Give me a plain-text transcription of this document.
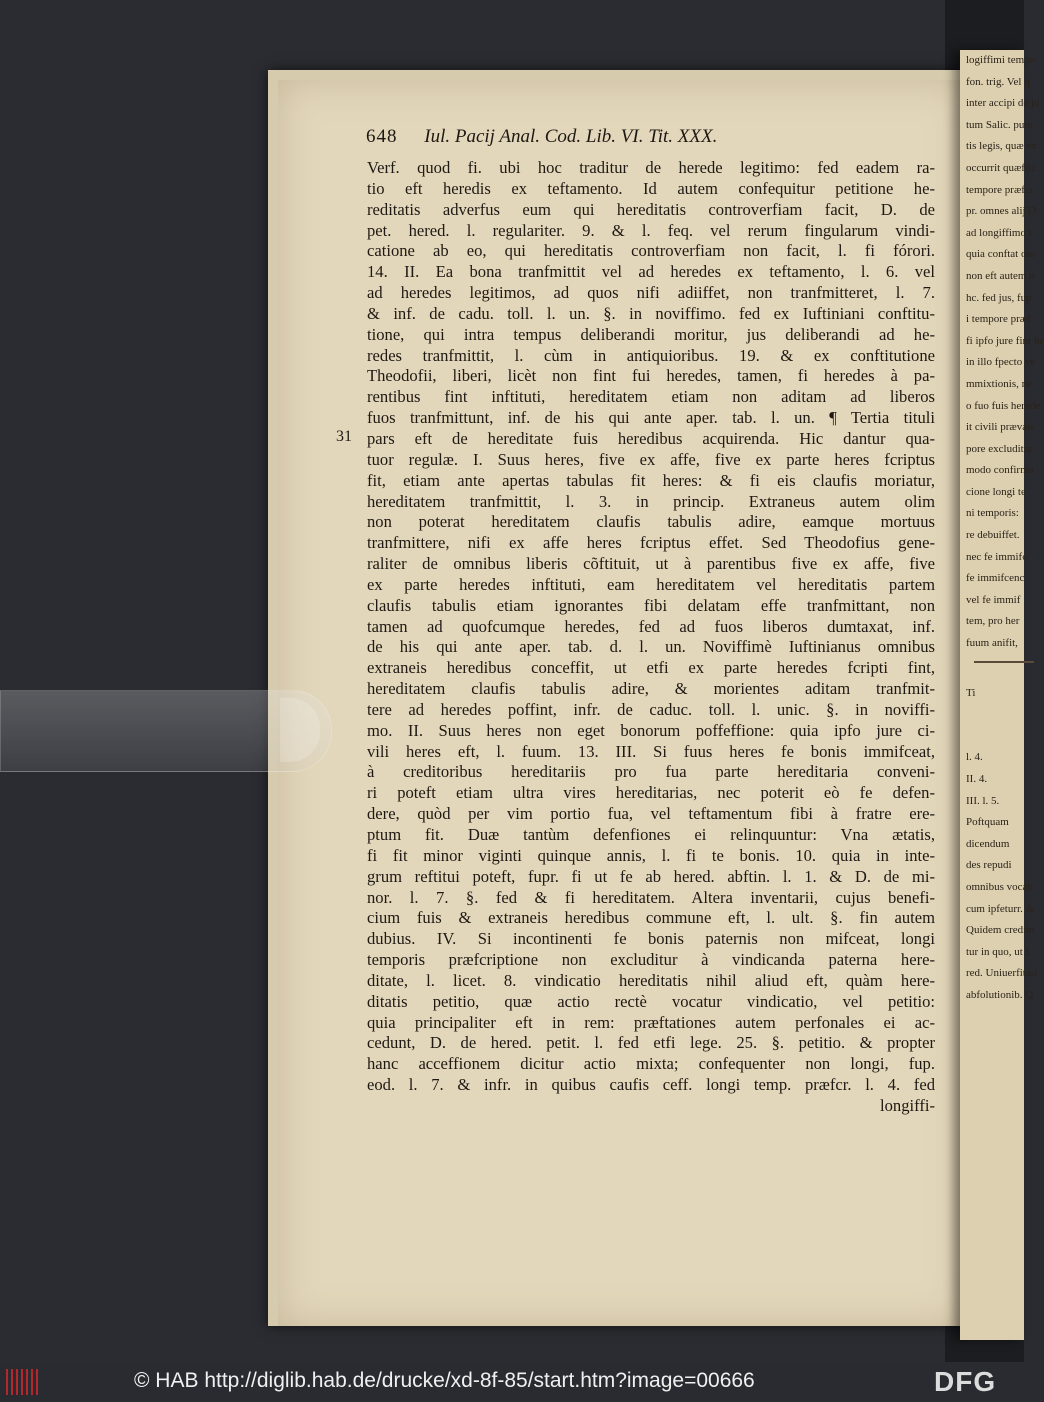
logiffimi tempo
fon. trig. Vel q
inter accipi de ju
tum Salic. puto
tis legis, quæ ex
occurrit quæftic
tempore præfcr
pr. omnes alij D
ad longiffimo t
quia conftat om
non eft autem n
hc. fed jus, fup
i tempore præf
fi ipfo jure fint he
in illo fpecto ve
mmixtionis, ne
o fuo fuis herede
it civili prævale
pore excluditur
modo confirma
cione longi te
ni temporis:
re debuiffet.
nec fe immifc
fe immifcenc
vel fe immif
tem, pro her
fuum anifit,
Ti

l. 4.
II. 4.
III. l. 5.
Poftquam
dicendum
des repudi
omnibus vocab
cum ipfeturr. &
Quidem credim
tur in quo, ut l.
red. Uniuerfitari
abfolutionib. Q
648 Iul. Pacij Anal. Cod. Lib. VI. Tit. XXX.
31
Verf. quod fi. ubi hoc traditur de herede legitimo: fed eadem ra-
tio eft heredis ex teftamento. Id autem confequitur petitione he-
reditatis adverfus eum qui hereditatis controverfiam facit, D. de
pet. hered. l. regulariter. 9. & l. feq. vel rerum fingularum vindi-
catione ab eo, qui hereditatis controverfiam non facit, l. fi fórori.
14. II. Ea bona tranfmittit vel ad heredes ex teftamento, l. 6. vel
ad heredes legitimos, ad quos nifi adiiffet, non tranfmitteret, l. 7.
& inf. de cadu. toll. l. un. §. in noviffimo. fed ex Iuftiniani conftitu-
tione, qui intra tempus deliberandi moritur, jus deliberandi ad he-
redes tranfmittit, l. cùm in antiquioribus. 19. & ex conftitutione
Theodofii, liberi, licèt non fint fui heredes, tamen, fi heredes à pa-
rentibus fint inftituti, hereditatem etiam non aditam ad liberos
fuos tranfmittunt, inf. de his qui ante aper. tab. l. un. ¶ Tertia tituli
pars eft de hereditate fuis heredibus acquirenda. Hic dantur qua-
tuor regulæ. I. Suus heres, five ex affe, five ex parte heres fcriptus
fit, etiam ante apertas tabulas fit heres: & fi eis claufis moriatur,
hereditatem tranfmittit, l. 3. in princip. Extraneus autem olim
non poterat hereditatem claufis tabulis adire, eamque mortuus
tranfmittere, nifi ex affe heres fcriptus effet. Sed Theodofius gene-
raliter de omnibus liberis cõftituit, ut à parentibus five ex affe, five
ex parte heredes inftituti, eam hereditatem vel hereditatis partem
claufis tabulis etiam ignorantes fibi delatam effe tranfmittant, non
tamen ad quofcumque heredes, fed ad fuos liberos dumtaxat, inf.
de his qui ante aper. tab. d. l. un. Noviffimè Iuftinianus omnibus
extraneis heredibus conceffit, ut etfi ex parte heredes fcripti fint,
hereditatem claufis tabulis adire, & morientes aditam tranfmit-
tere ad heredes poffint, infr. de caduc. toll. l. unic. §. in noviffi-
mo. II. Suus heres non eget bonorum poffeffione: quia ipfo jure ci-
vili heres eft, l. fuum. 13. III. Si fuus heres fe bonis immifceat,
à creditoribus hereditariis pro fua parte hereditaria conveni-
ri poteft etiam ultra vires hereditarias, nec poterit eò fe defen-
dere, quòd per vim portio fua, vel teftamentum fibi à fratre ere-
ptum fit. Duæ tantùm defenfiones ei relinquuntur: Vna ætatis,
fi fit minor viginti quinque annis, l. fi te bonis. 10. quia in inte-
grum reftitui poteft, fupr. fi ut fe ab hered. abftin. l. 1. & D. de mi-
nor. l. 7. §. fed & fi hereditatem. Altera inventarii, cujus benefi-
cium fuis & extraneis heredibus commune eft, l. ult. §. fin autem
dubius. IV. Si incontinenti fe bonis paternis non mifceat, longi
temporis præfcriptione non excluditur à vindicanda paterna here-
ditate, l. licet. 8. vindicatio hereditatis nihil aliud eft, quàm here-
ditatis petitio, quæ actio rectè vocatur vindicatio, vel petitio:
quia principaliter eft in rem: præftationes autem perfonales ei ac-
cedunt, D. de hered. petit. l. fed etfi lege. 25. §. petitio. & propter
hanc acceffionem dicitur actio mixta; confequenter non longi, fup.
eod. l. 7. & infr. in quibus caufis ceff. longi temp. præfcr. l. 4. fed
longiffi-
© HAB http://diglib.hab.de/drucke/xd-8f-85/start.htm?image=00666	DFG
